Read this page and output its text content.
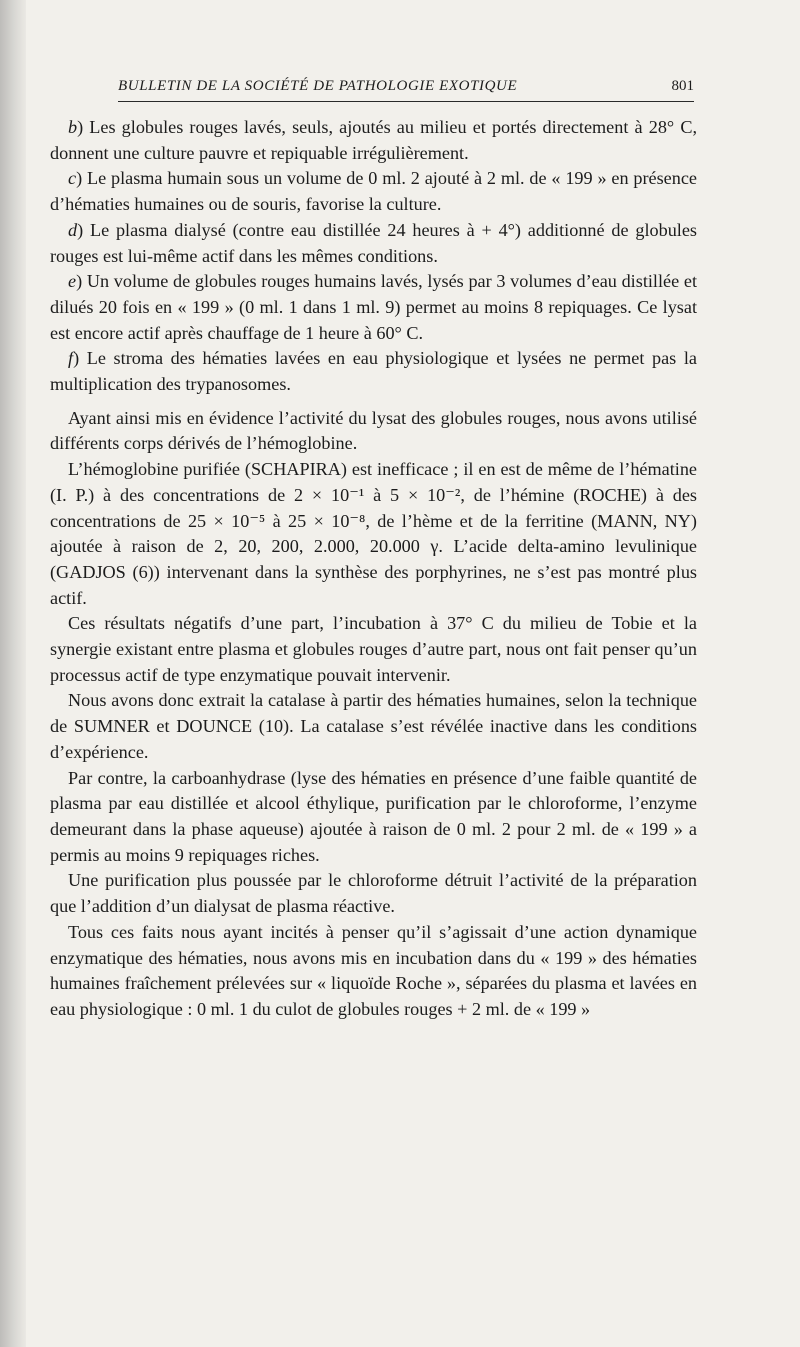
BULLETIN DE LA SOCIÉTÉ DE PATHOLOGIE EXOTIQUE	801

b) Les globules rouges lavés, seuls, ajoutés au milieu et portés directement à 28° C, donnent une culture pauvre et repiquable irrégulièrement.

c) Le plasma humain sous un volume de 0 ml. 2 ajouté à 2 ml. de « 199 » en présence d’hématies humaines ou de souris, favorise la culture.

d) Le plasma dialysé (contre eau distillée 24 heures à + 4°) additionné de globules rouges est lui-même actif dans les mêmes conditions.

e) Un volume de globules rouges humains lavés, lysés par 3 volumes d’eau distillée et dilués 20 fois en « 199 » (0 ml. 1 dans 1 ml. 9) permet au moins 8 repiquages. Ce lysat est encore actif après chauffage de 1 heure à 60° C.

f) Le stroma des hématies lavées en eau physiologique et lysées ne permet pas la multiplication des trypanosomes.

Ayant ainsi mis en évidence l’activité du lysat des globules rouges, nous avons utilisé différents corps dérivés de l’hémoglobine.

L’hémoglobine purifiée (SCHAPIRA) est inefficace ; il en est de même de l’hématine (I. P.) à des concentrations de 2 × 10⁻¹ à 5 × 10⁻², de l’hémine (ROCHE) à des concentrations de 25 × 10⁻⁵ à 25 × 10⁻⁸, de l’hème et de la ferritine (MANN, NY) ajoutée à raison de 2, 20, 200, 2.000, 20.000 γ. L’acide delta-amino levulinique (GADJOS (6)) intervenant dans la synthèse des porphyrines, ne s’est pas montré plus actif.

Ces résultats négatifs d’une part, l’incubation à 37° C du milieu de Tobie et la synergie existant entre plasma et globules rouges d’autre part, nous ont fait penser qu’un processus actif de type enzymatique pouvait intervenir.

Nous avons donc extrait la catalase à partir des hématies humaines, selon la technique de SUMNER et DOUNCE (10). La catalase s’est révélée inactive dans les conditions d’expérience.

Par contre, la carboanhydrase (lyse des hématies en présence d’une faible quantité de plasma par eau distillée et alcool éthylique, purification par le chloroforme, l’enzyme demeurant dans la phase aqueuse) ajoutée à raison de 0 ml. 2 pour 2 ml. de « 199 » a permis au moins 9 repiquages riches.

Une purification plus poussée par le chloroforme détruit l’activité de la préparation que l’addition d’un dialysat de plasma réactive.

Tous ces faits nous ayant incités à penser qu’il s’agissait d’une action dynamique enzymatique des hématies, nous avons mis en incubation dans du « 199 » des hématies humaines fraîchement prélevées sur « liquoïde Roche », séparées du plasma et lavées en eau physiologique : 0 ml. 1 du culot de globules rouges + 2 ml. de « 199 »
